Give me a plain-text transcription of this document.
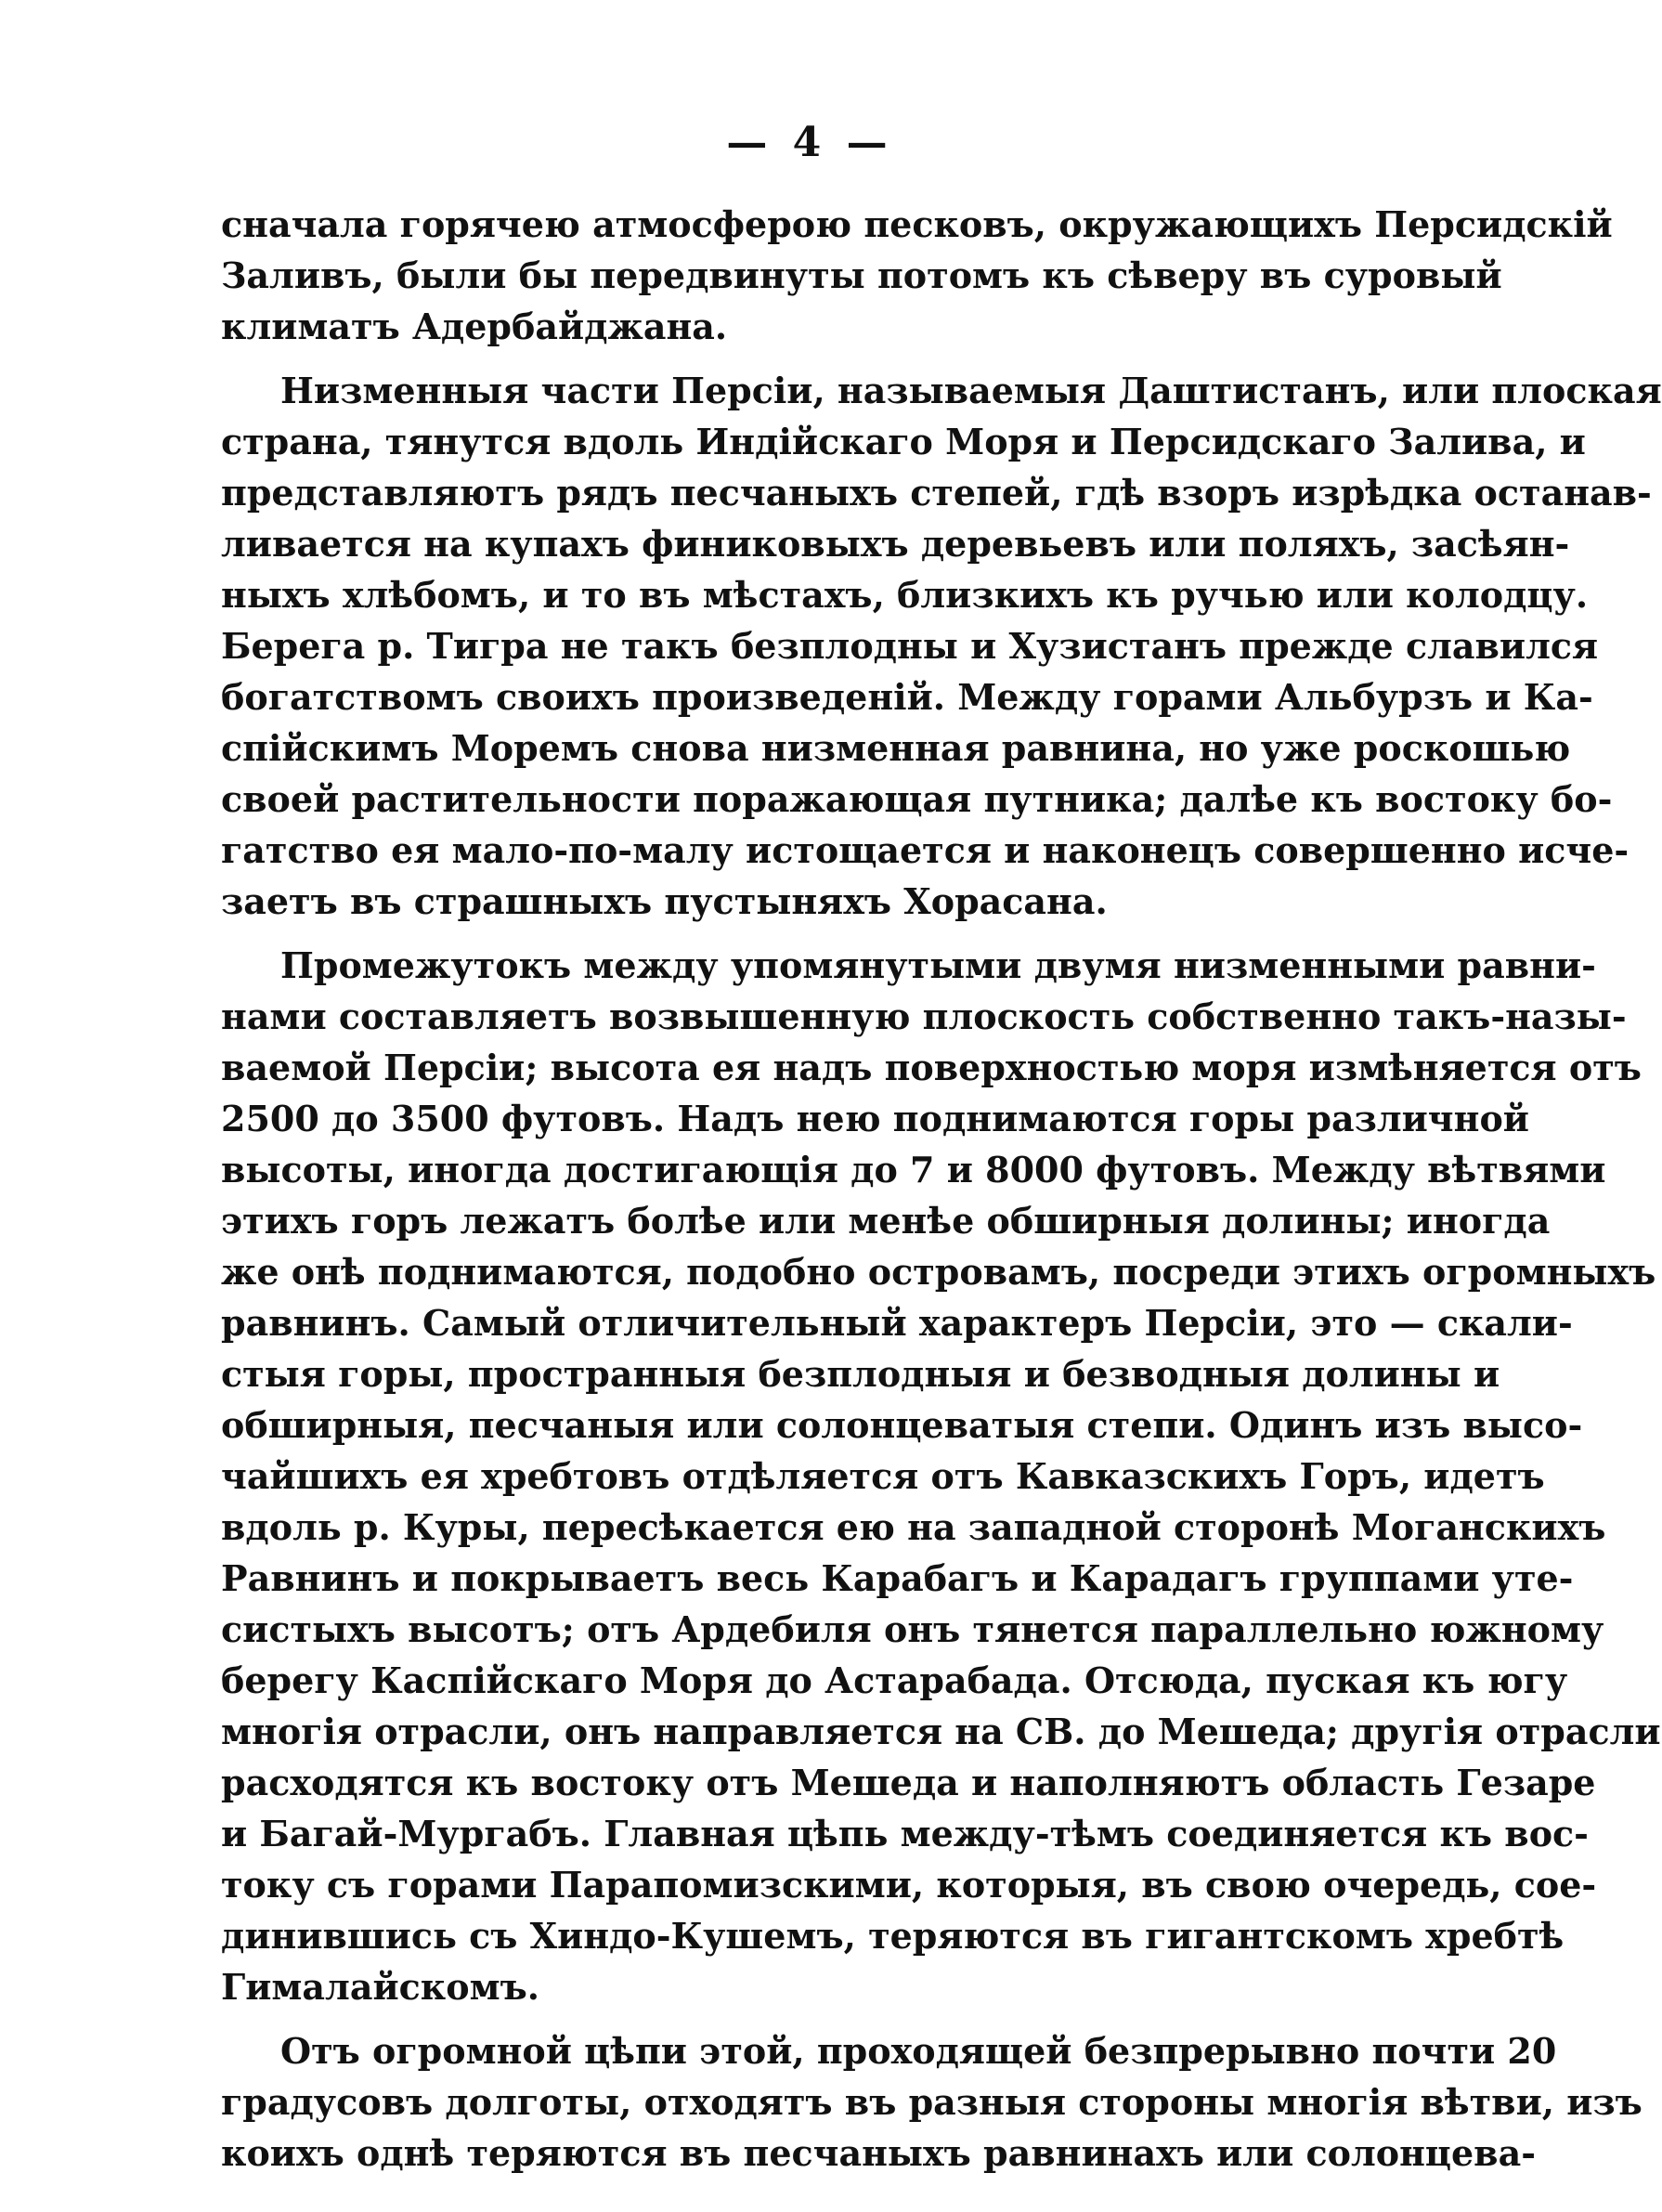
— 4 —
сначала горячею атмосферою песковъ, окружающихъ Персидскій
Заливъ, были бы передвинуты потомъ къ сѣверу въ суровый
климатъ Адербайджана.
Низменныя части Персіи, называемыя Даштистанъ, или плоская
страна, тянутся вдоль Индійскаго Моря и Персидскаго Залива, и
представляютъ рядъ песчаныхъ степей, гдѣ взоръ изрѣдка останав-
ливается на купахъ финиковыхъ деревьевъ или поляхъ, засѣян-
ныхъ хлѣбомъ, и то въ мѣстахъ, близкихъ къ ручью или колодцу.
Берега р. Тигра не такъ безплодны и Хузистанъ прежде славился
богатствомъ своихъ произведеній. Между горами Альбурзъ и Ка-
спійскимъ Моремъ снова низменная равнина, но уже роскошью
своей растительности поражающая путника; далѣе къ востоку бо-
гатство ея мало-по-малу истощается и наконецъ совершенно исче-
заетъ въ страшныхъ пустыняхъ Хорасана.
Промежутокъ между упомянутыми двумя низменными равни-
нами составляетъ возвышенную плоскость собственно такъ-назы-
ваемой Персіи; высота ея надъ поверхностью моря измѣняется отъ
2500 до 3500 футовъ. Надъ нею поднимаются горы различной
высоты, иногда достигающія до 7 и 8000 футовъ. Между вѣтвями
этихъ горъ лежатъ болѣе или менѣе обширныя долины; иногда
же онѣ поднимаются, подобно островамъ, посреди этихъ огромныхъ
равнинъ. Самый отличительный характеръ Персіи, это — скали-
стыя горы, пространныя безплодныя и безводныя долины и
обширныя, песчаныя или солонцеватыя степи. Одинъ изъ высо-
чайшихъ ея хребтовъ отдѣляется отъ Кавказскихъ Горъ, идетъ
вдоль р. Куры, пересѣкается ею на западной сторонѣ Моганскихъ
Равнинъ и покрываетъ весь Карабагъ и Карадагъ группами уте-
систыхъ высотъ; отъ Ардебиля онъ тянется параллельно южному
берегу Каспійскаго Моря до Астарабада. Отсюда, пуская къ югу
многія отрасли, онъ направляется на СВ. до Мешеда; другія отрасли
расходятся къ востоку отъ Мешеда и наполняютъ область Гезаре
и Багай-Мургабъ. Главная цѣпь между-тѣмъ соединяется къ вос-
току съ горами Парапомизскими, которыя, въ свою очередь, сое-
динившись съ Хиндо-Кушемъ, теряются въ гигантскомъ хребтѣ
Гималайскомъ.
Отъ огромной цѣпи этой, проходящей безпрерывно почти 20
градусовъ долготы, отходятъ въ разныя стороны многія вѣтви, изъ
коихъ однѣ теряются въ песчаныхъ равнинахъ или солонцева-
